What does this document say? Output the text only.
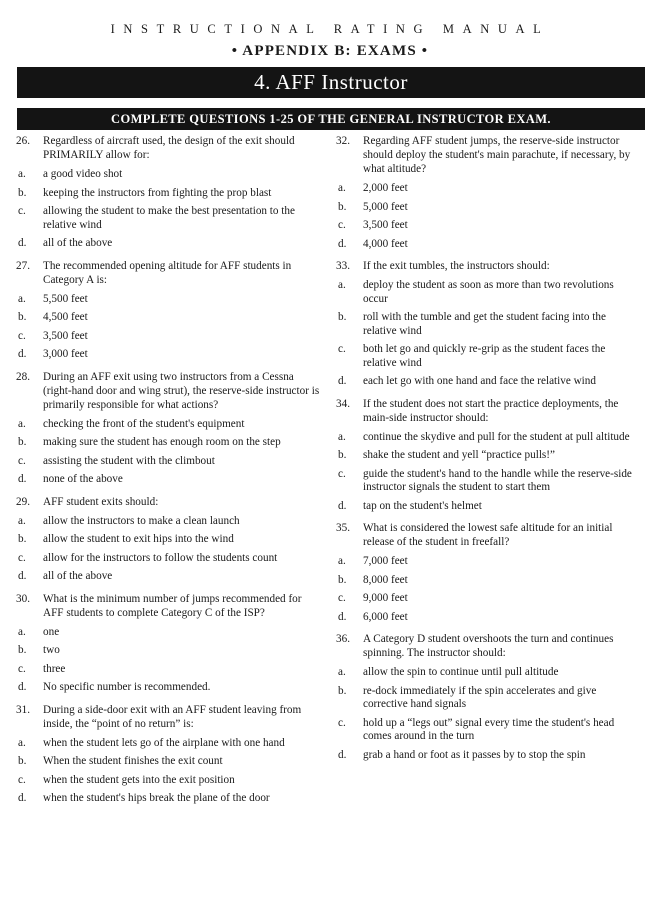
INSTRUCTIONAL RATING MANUAL
• APPENDIX B: EXAMS •
4. AFF Instructor
COMPLETE QUESTIONS 1-25 OF THE GENERAL INSTRUCTOR EXAM.
26.	Regardless of aircraft used, the design of the exit should PRIMARILY allow for:
a.	a good video shot
b.	keeping the instructors from fighting the prop blast
c.	allowing the student to make the best presentation to the relative wind
d.	all of the above
27.	The recommended opening altitude for AFF students in Category A is:
a.	5,500 feet
b.	4,500 feet
c.	3,500 feet
d.	3,000 feet
28.	During an AFF exit using two instructors from a Cessna (right-hand door and wing strut), the reserve-side instructor is primarily responsible for what actions?
a.	checking the front of the student's equipment
b.	making sure the student has enough room on the step
c.	assisting the student with the climbout
d.	none of the above
29.	AFF student exits should:
a.	allow the instructors to make a clean launch
b.	allow the student to exit hips into the wind
c.	allow for the instructors to follow the students count
d.	all of the above
30.	What is the minimum number of jumps recommended for AFF students to complete Category C of the ISP?
a.	one
b.	two
c.	three
d.	No specific number is recommended.
31.	During a side-door exit with an AFF student leaving from inside, the “point of no return” is:
a.	when the student lets go of the airplane with one hand
b.	When the student finishes the exit count
c.	when the student gets into the exit position
d.	when the student's hips break the plane of the door
32.	Regarding AFF student jumps, the reserve-side instructor should deploy the student's main parachute, if necessary, by what altitude?
a.	2,000 feet
b.	5,000 feet
c.	3,500 feet
d.	4,000 feet
33.	If the exit tumbles, the instructors should:
a.	deploy the student as soon as more than two revolutions occur
b.	roll with the tumble and get the student facing into the relative wind
c.	both let go and quickly re-grip as the student faces the relative wind
d.	each let go with one hand and face the relative wind
34.	If the student does not start the practice deployments, the main-side instructor should:
a.	continue the skydive and pull for the student at pull altitude
b.	shake the student and yell “practice pulls!”
c.	guide the student's hand to the handle while the reserve-side instructor signals the student to start them
d.	tap on the student's helmet
35.	What is considered the lowest safe altitude for an initial release of the student in freefall?
a.	7,000 feet
b.	8,000 feet
c.	9,000 feet
d.	6,000 feet
36.	A Category D student overshoots the turn and continues spinning. The instructor should:
a.	allow the spin to continue until pull altitude
b.	re-dock immediately if the spin accelerates and give corrective hand signals
c.	hold up a “legs out” signal every time the student's head comes around in the turn
d.	grab a hand or foot as it passes by to stop the spin
